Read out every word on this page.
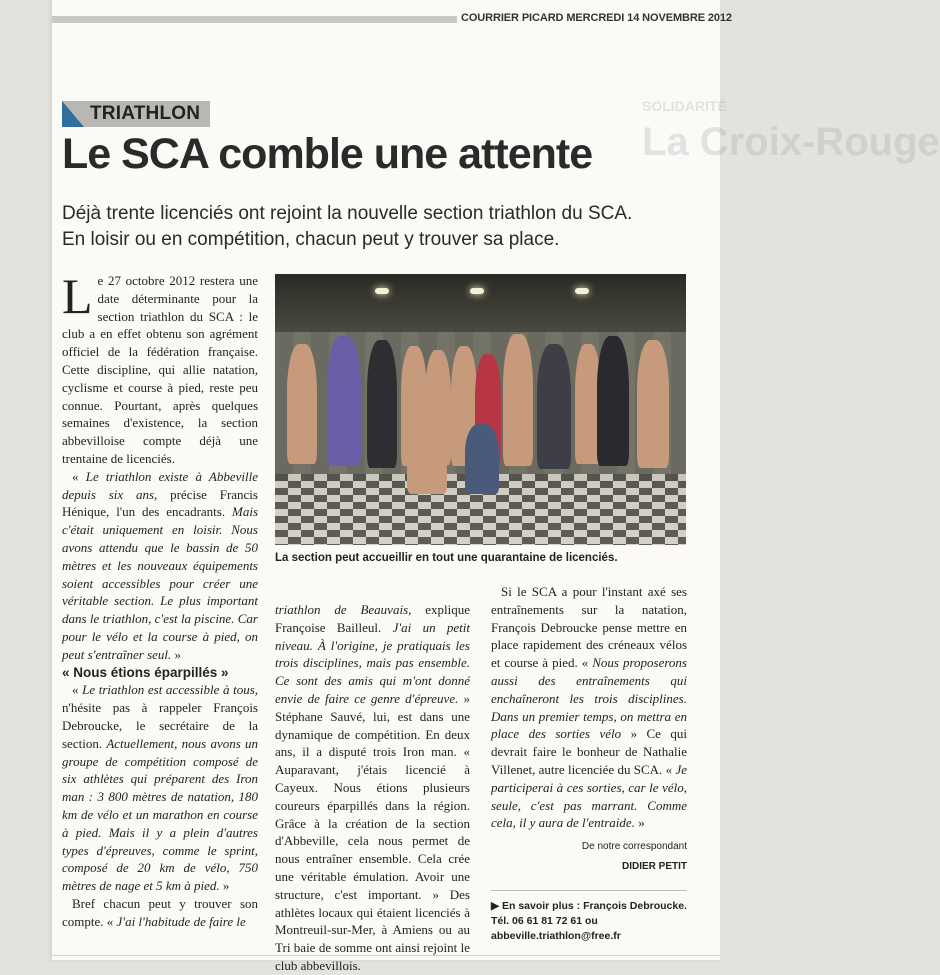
COURRIER PICARD MERCREDI 14 NOVEMBRE 2012
SOLIDARITÉ
La Croix-Rouge
TRIATHLON
Le SCA comble une attente

Déjà trente licenciés ont rejoint la nouvelle section triathlon du SCA.

En loisir ou en compétition, chacun peut y trouver sa place.

Le 27 octobre 2012 restera une date déterminante pour la section triathlon du SCA : le club a en effet obtenu son agrément officiel de la fédération française. Cette discipline, qui allie natation, cyclisme et course à pied, reste peu connue. Pourtant, après quelques semaines d'existence, la section abbevilloise compte déjà une trentaine de licenciés.

« Le triathlon existe à Abbeville depuis six ans, précise Francis Hénique, l'un des encadrants. Mais c'était uniquement en loisir. Nous avons attendu que le bassin de 50 mètres et les nouveaux équipements soient accessibles pour créer une véritable section. Le plus important dans le triathlon, c'est la piscine. Car pour le vélo et la course à pied, on peut s'entraîner seul. »

« Nous étions éparpillés »

« Le triathlon est accessible à tous, n'hésite pas à rappeler François Debroucke, le secrétaire de la section. Actuellement, nous avons un groupe de compétition composé de six athlètes qui préparent des Iron man : 3 800 mètres de natation, 180 km de vélo et un marathon en course à pied. Mais il y a plein d'autres types d'épreuves, comme le sprint, composé de 20 km de vélo, 750 mètres de nage et 5 km à pied. »

Bref chacun peut y trouver son compte. « J'ai l'habitude de faire le

La section peut accueillir en tout une quarantaine de licenciés.

triathlon de Beauvais, explique Françoise Bailleul. J'ai un petit niveau. À l'origine, je pratiquais les trois disciplines, mais pas ensemble. Ce sont des amis qui m'ont donné envie de faire ce genre d'épreuve. » Stéphane Sauvé, lui, est dans une dynamique de compétition. En deux ans, il a disputé trois Iron man. « Auparavant, j'étais licencié à Cayeux. Nous étions plusieurs coureurs éparpillés dans la région. Grâce à la création de la section d'Abbeville, cela nous permet de nous entraîner ensemble. Cela crée une véritable émulation. Avoir une structure, c'est important. » Des athlètes locaux qui étaient licenciés à Montreuil-sur-Mer, à Amiens ou au Tri baie de somme ont ainsi rejoint le club abbevillois.

Si le SCA a pour l'instant axé ses entraînements sur la natation, François Debroucke pense mettre en place rapidement des créneaux vélos et course à pied. « Nous proposerons aussi des entraînements qui enchaîneront les trois disciplines. Dans un premier temps, on mettra en place des sorties vélo » Ce qui devrait faire le bonheur de Nathalie Villenet, autre licenciée du SCA. « Je participerai à ces sorties, car le vélo, seule, c'est pas marrant. Comme cela, il y aura de l'entraide. »

De notre correspondant
DIDIER PETIT

▶ En savoir plus : François Debroucke.

Tél. 06 61 81 72 61 ou

abbeville.triathlon@free.fr
